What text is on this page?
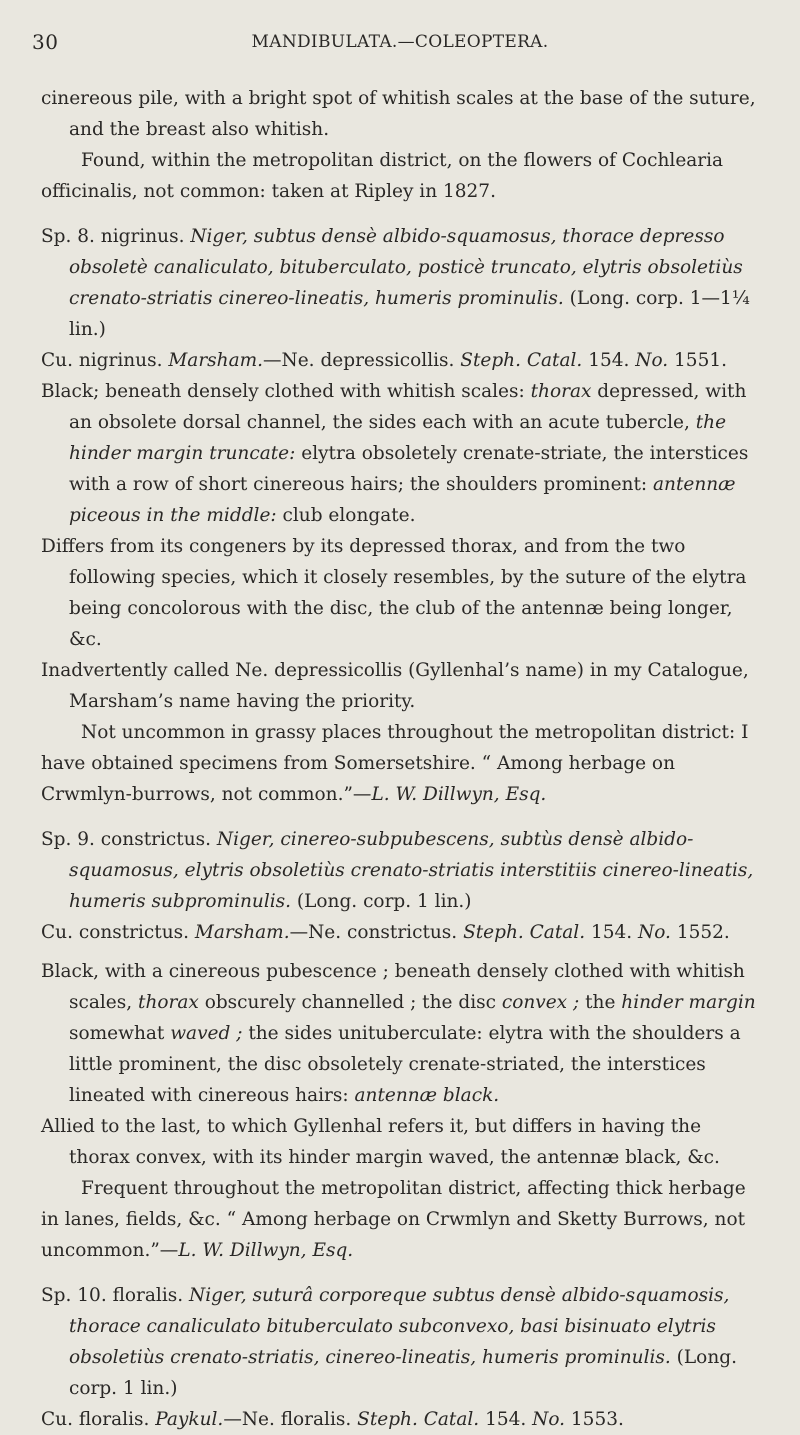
30	MANDIBULATA.—COLEOPTERA.

cinereous pile, with a bright spot of whitish scales at the base of the suture, and the breast also whitish.

Found, within the metropolitan district, on the flowers of Cochlearia officinalis, not common: taken at Ripley in 1827.

Sp. 8. nigrinus. Niger, subtus densè albido-squamosus, thorace depresso obsoletè canaliculato, bituberculato, posticè truncato, elytris obsoletiùs crenato-striatis cinereo-lineatis, humeris prominulis. (Long. corp. 1—1¼ lin.)

Cu. nigrinus. Marsham.—Ne. depressicollis. Steph. Catal. 154. No. 1551.

Black; beneath densely clothed with whitish scales: thorax depressed, with an obsolete dorsal channel, the sides each with an acute tubercle, the hinder margin truncate: elytra obsoletely crenate-striate, the interstices with a row of short cinereous hairs; the shoulders prominent: antennæ piceous in the middle: club elongate.

Differs from its congeners by its depressed thorax, and from the two following species, which it closely resembles, by the suture of the elytra being concolorous with the disc, the club of the antennæ being longer, &c.

Inadvertently called Ne. depressicollis (Gyllenhal’s name) in my Catalogue, Marsham’s name having the priority.

Not uncommon in grassy places throughout the metropolitan district: I have obtained specimens from Somersetshire. “ Among herbage on Crwmlyn-burrows, not common.”—L. W. Dillwyn, Esq.

Sp. 9. constrictus. Niger, cinereo-subpubescens, subtùs densè albido-squamosus, elytris obsoletiùs crenato-striatis interstitiis cinereo-lineatis, humeris subprominulis. (Long. corp. 1 lin.)

Cu. constrictus. Marsham.—Ne. constrictus. Steph. Catal. 154. No. 1552.

Black, with a cinereous pubescence ; beneath densely clothed with whitish scales, thorax obscurely channelled ; the disc convex ; the hinder margin somewhat waved ; the sides unituberculate: elytra with the shoulders a little prominent, the disc obsoletely crenate-striated, the interstices lineated with cinereous hairs: antennæ black.

Allied to the last, to which Gyllenhal refers it, but differs in having the thorax convex, with its hinder margin waved, the antennæ black, &c.

Frequent throughout the metropolitan district, affecting thick herbage in lanes, fields, &c. “ Among herbage on Crwmlyn and Sketty Burrows, not uncommon.”—L. W. Dillwyn, Esq.

Sp. 10. floralis. Niger, suturâ corporeque subtus densè albido-squamosis, thorace canaliculato bituberculato subconvexo, basi bisinuato elytris obsoletiùs crenato-striatis, cinereo-lineatis, humeris prominulis. (Long. corp. 1 lin.)

Cu. floralis. Paykul.—Ne. floralis. Steph. Catal. 154. No. 1553.
